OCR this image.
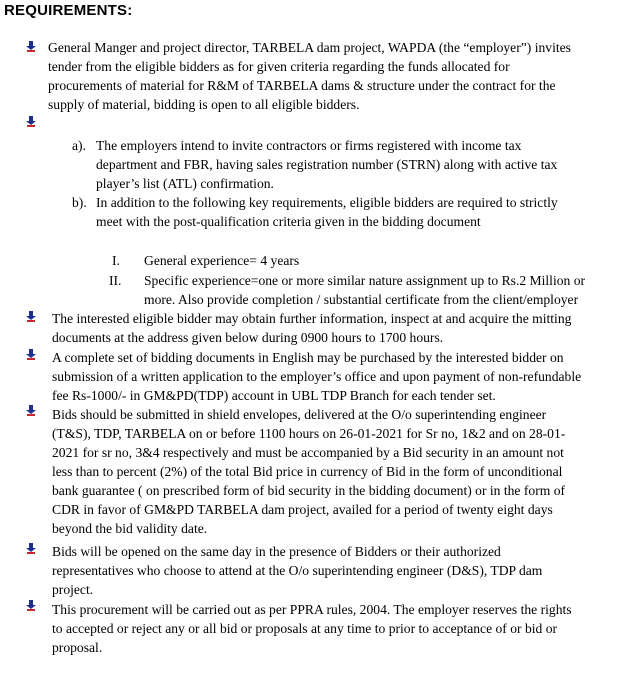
REQUIREMENTS:
General Manger and project director, TARBELA dam project, WAPDA (the “employer”) invites
tender from the eligible bidders as for given criteria regarding the funds allocated for
procurements of material for R&M of TARBELA dams & structure under the contract for the
supply of material, bidding is open to all eligible bidders.
a). The employers intend to invite contractors or firms registered with income tax
department and FBR, having sales registration number (STRN) along with active tax
player’s list (ATL) confirmation.
b). In addition to the following key requirements, eligible bidders are required to strictly
meet with the post-qualification criteria given in the bidding document
I. General experience= 4 years
II. Specific experience=one or more similar nature assignment up to Rs.2 Million or
more. Also provide completion / substantial certificate from the client/employer
The interested eligible bidder may obtain further information, inspect at and acquire the mitting
documents at the address given below during 0900 hours to 1700 hours.
A complete set of bidding documents in English may be purchased by the interested bidder on
submission of a written application to the employer’s office and upon payment of non-refundable
fee Rs-1000/- in GM&PD(TDP) account in UBL TDP Branch for each tender set.
Bids should be submitted in shield envelopes, delivered at the O/o superintending engineer
(T&S), TDP, TARBELA on or before 1100 hours on 26-01-2021 for Sr no, 1&2 and on 28-01-
2021 for sr no, 3&4 respectively and must be accompanied by a Bid security in an amount not
less than to percent (2%) of the total Bid price in currency of Bid in the form of unconditional
bank guarantee ( on prescribed form of bid security in the bidding document) or in the form of
CDR in favor of GM&PD TARBELA dam project, availed for a period of twenty eight days
beyond the bid validity date.
Bids will be opened on the same day in the presence of Bidders or their authorized
representatives who choose to attend at the O/o superintending engineer (D&S), TDP dam
project.
This procurement will be carried out as per PPRA rules, 2004. The employer reserves the rights
to accepted or reject any or all bid or proposals at any time to prior to acceptance of or bid or
proposal.
